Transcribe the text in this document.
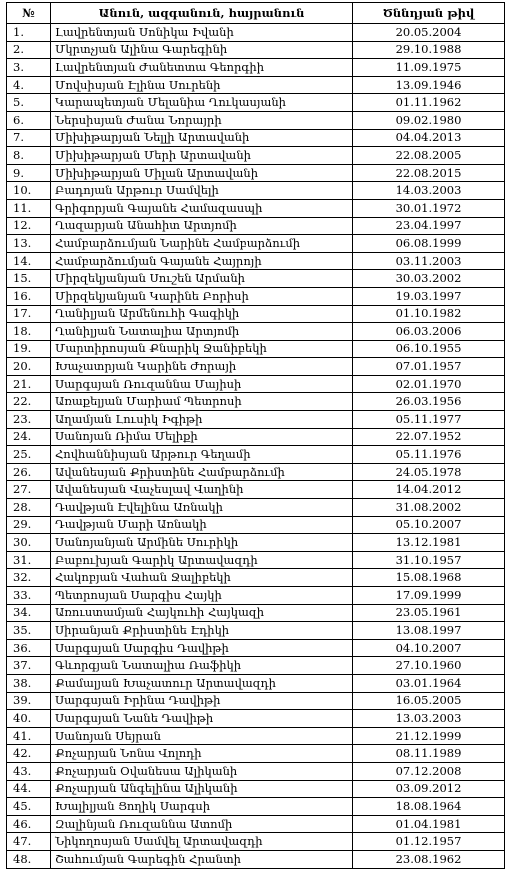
№	Անուն, ազգանուն, հայրանուն	Ծննդյան թիվ
1.	Լավրենտյան Սոնիկա Իվանի	20.05.2004
2.	Մկրտչյան Ալինա Գարեգինի	29.10.1988
3.	Լավրենտյան Ժանետտա Գեորգիի	11.09.1975
4.	Մովսիսյան Էլինա Սուրենի	13.09.1946
5.	Կարապետյան Մելանիա Ղուկասյանի	01.11.1962
6.	Ներսիսյան Ժանա Նորայրի	09.02.1980
7.	Միխիթարյան Նելլի Արտավանի	04.04.2013
8.	Միխիթարյան Մերի Արտավանի	22.08.2005
9.	Միխիթարյան Միլան Արտավանի	22.08.2015
10.	Բադոյան Արթուր Սամվելի	14.03.2003
11.	Գրիգորյան Գայանե Համազասպի	30.01.1972
12.	Ղազարյան Անահիտ Արտյոմի	23.04.1997
13.	Համբարձումյան Նարինե Համբարձումի	06.08.1999
14.	Համբարձումյան Գայանե Հայրոյի	03.11.2003
15.	Միրզեկյանյան Սուշեն Արմանի	30.03.2002
16.	Միրզեկյանյան Կարինե Բորիսի	19.03.1997
17.	Ղանիլյան Արմենուհի Գագիկի	01.10.1982
18.	Ղանիլյան Նատալիա Արտյոմի	06.03.2006
19.	Մարտիրոսյան Քնարիկ Ջանիբեկի	06.10.1955
20.	Խաչատրյան Կարինե Ժորայի	07.01.1957
21.	Սարգսյան Ռուզաննա Մայիսի	02.01.1970
22.	Առաքելյան Մարիամ Պետրոսի	26.03.1956
23.	Աղամյան Լուսիկ Իգիթի	05.11.1977
24.	Սանոյան Ռիմա Մելիքի	22.07.1952
25.	Հովհաննիսյան Արթուր Գեղամի	05.11.1976
26.	Ավանեսյան Քրիստինե Համբարձումի	24.05.1978
27.	Ավանեսյան Վաչեսլավ Վաղինի	14.04.2012
28.	Դավթյան Էվելինա Առնակի	31.08.2002
29.	Դավթյան Մարի Առնակի	05.10.2007
30.	Սանոյանյան Արմինե Սուրիկի	13.12.1981
31.	Բաբուխյան Գարիկ Արտավազդի	31.10.1957
32.	Հակոբյան Վահան Ջալիբեկի	15.08.1968
33.	Պետրոսյան Սարգիս Հայկի	17.09.1999
34.	Առուստամյան Հայկուհի Հայկազի	23.05.1961
35.	Սիրանյան Քրիստինե Էդիկի	13.08.1997
36.	Սարգսյան Սարգիս Դավիթի	04.10.2007
37.	Գևորգյան Նատալիա Ռաֆիկի	27.10.1960
38.	Քամալյան Խաչատուր Արտավազդի	03.01.1964
39.	Սարգսյան Իրինա Դավիթի	16.05.2005
40.	Սարգսյան Նանե Դավիթի	13.03.2003
41.	Սանոյան Սեյրան	21.12.1999
42.	Քոչարյան Նոնա Վոլոդի	08.11.1989
43.	Քոչարյան Օվանեսա Ալիկանի	07.12.2008
44.	Քոչարյան Անգելինա Ալիկանի	03.09.2012
45.	Խալիլյան Ցողիկ Սարգսի	18.08.1964
46.	Զալինյան Ռուզաննա Ատոմի	01.04.1981
47.	Նիկողոսյան Սամվել Արտավազդի	01.12.1957
48.	Շահումյան Գարեգին Հրանտի	23.08.1962
